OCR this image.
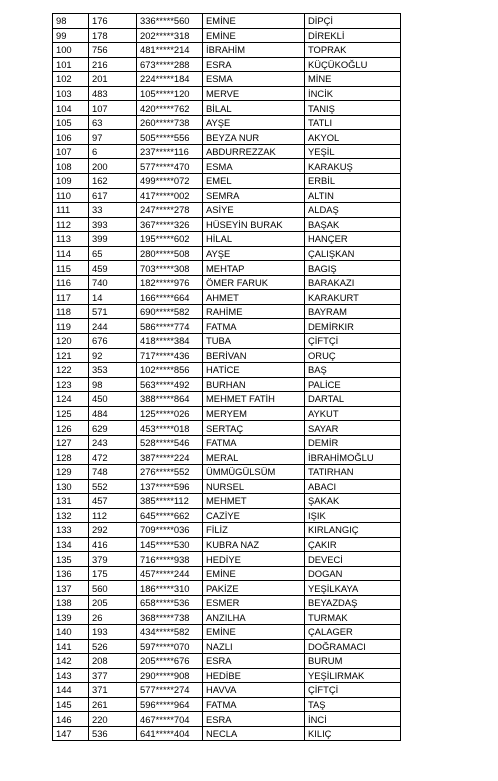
98	176	336*****560	EMİNE	DİPÇİ
99	178	202*****318	EMİNE	DİREKLİ
100	756	481*****214	İBRAHİM	TOPRAK
101	216	673*****288	ESRA	KÜÇÜKOĞLU
102	201	224*****184	ESMA	MİNE
103	483	105*****120	MERVE	İNCİK
104	107	420*****762	BİLAL	TANIŞ
105	63	260*****738	AYŞE	TATLI
106	97	505*****556	BEYZA NUR	AKYOL
107	6	237*****116	ABDURREZZAK	YEŞİL
108	200	577*****470	ESMA	KARAKUŞ
109	162	499*****072	EMEL	ERBİL
110	617	417*****002	SEMRA	ALTIN
111	33	247*****278	ASİYE	ALDAŞ
112	393	367*****326	HÜSEYİN BURAK	BAŞAK
113	399	195*****602	HİLAL	HANÇER
114	65	280*****508	AYŞE	ÇALIŞKAN
115	459	703*****308	MEHTAP	BAGIŞ
116	740	182*****976	ÖMER FARUK	BARAKAZI
117	14	166*****664	AHMET	KARAKURT
118	571	690*****582	RAHİME	BAYRAM
119	244	586*****774	FATMA	DEMİRKIR
120	676	418*****384	TUBA	ÇİFTÇİ
121	92	717*****436	BERİVAN	ORUÇ
122	353	102*****856	HATİCE	BAŞ
123	98	563*****492	BURHAN	PALİCE
124	450	388*****864	MEHMET FATİH	DARTAL
125	484	125*****026	MERYEM	AYKUT
126	629	453*****018	SERTAÇ	SAYAR
127	243	528*****546	FATMA	DEMİR
128	472	387*****224	MERAL	İBRAHİMOĞLU
129	748	276*****552	ÜMMÜGÜLSÜM	TATIRHAN
130	552	137*****596	NURSEL	ABACI
131	457	385*****112	MEHMET	ŞAKAK
132	112	645*****662	CAZİYE	IŞIK
133	292	709*****036	FİLİZ	KIRLANGIÇ
134	416	145*****530	KUBRA NAZ	ÇAKIR
135	379	716*****938	HEDİYE	DEVECİ
136	175	457*****244	EMİNE	DOGAN
137	560	186*****310	PAKİZE	YEŞİLKAYA
138	205	658*****536	ESMER	BEYAZDAŞ
139	26	368*****738	ANZILHA	TURMAK
140	193	434*****582	EMİNE	ÇALAGER
141	526	597*****070	NAZLI	DOĞRAMACI
142	208	205*****676	ESRA	BURUM
143	377	290*****908	HEDİBE	YEŞİLIRMAK
144	371	577*****274	HAVVA	ÇİFTÇİ
145	261	596*****964	FATMA	TAŞ
146	220	467*****704	ESRA	İNCİ
147	536	641*****404	NECLA	KILIÇ
